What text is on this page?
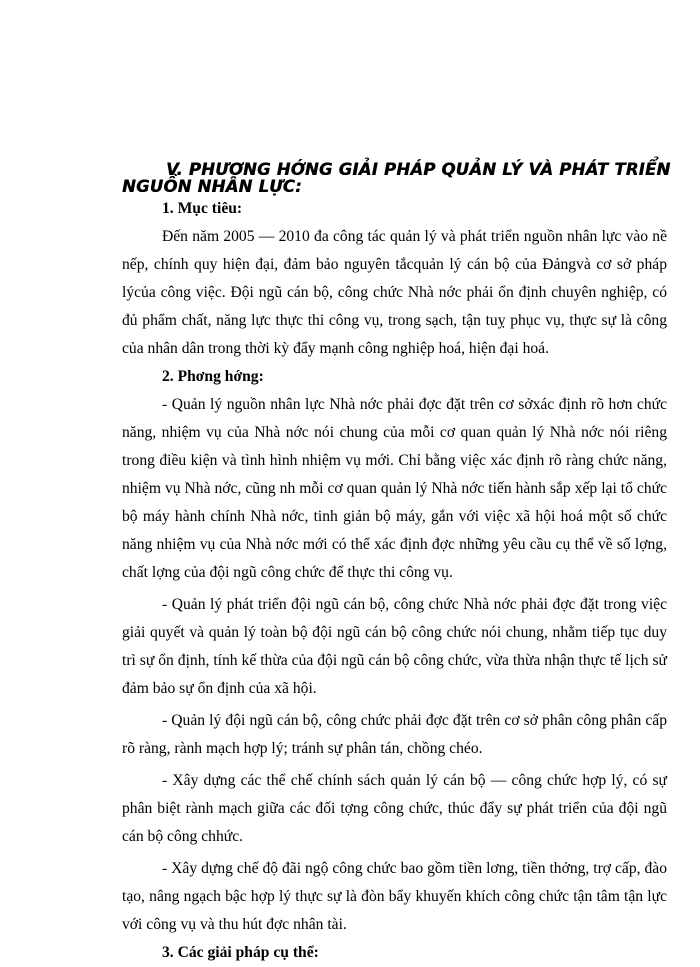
V. PHƯƠNG HỚNG GIẢI PHÁP QUẢN LÝ VÀ PHÁT TRIỂN
NGUỒN NHÂN LỰC:

1. Mục tiêu:

Đến năm 2005 — 2010 đa công tác quản lý và phát triển nguồn nhân lực vào nề nếp, chính quy hiện đại, đảm bảo nguyên tắcquản lý cán bộ của Đảngvà cơ sở pháp lýcủa công việc. Đội ngũ cán bộ, công chức Nhà nớc phải ổn định chuyên nghiệp, có đủ phẩm chất, năng lực thực thi công vụ, trong sạch, tận tuỵ phục vụ, thực sự là công của nhân dân trong thời kỳ đẩy mạnh công nghiệp hoá, hiện đại hoá.

2. Phơng hớng:

- Quản lý nguồn nhân lực Nhà nớc phải đợc đặt trên cơ sởxác định rõ hơn chức năng, nhiệm vụ của Nhà nớc nói chung của mỗi cơ quan quản lý Nhà nớc nói riêng trong điều kiện và tình hình nhiệm vụ mới. Chỉ bằng việc xác định rõ ràng chức năng, nhiệm vụ Nhà nớc, cũng nh mỗi cơ quan quản lý Nhà nớc tiến hành sắp xếp lại tổ chức bộ máy hành chính Nhà nớc, tinh giản bộ máy, gắn với việc xã hội hoá một số chức năng nhiệm vụ của Nhà nớc mới có thể xác định đợc những yêu cầu cụ thể về số lợng, chất lợng của đội ngũ công chức để thực thi công vụ.

- Quản lý phát triển đội ngũ cán bộ, công chức Nhà nớc phải đợc đặt trong việc giải quyết và quản lý toàn bộ đội ngũ cán bộ công chức nói chung, nhằm tiếp tục duy trì sự ổn định, tính kế thừa của đội ngũ cán bộ công chức, vừa thừa nhận thực tế lịch sử đảm bảo sự ổn định của xã hội.

- Quản lý đội ngũ cán bộ, công chức phải đợc đặt trên cơ sở phân công phân cấp rõ ràng, rành mạch hợp lý; tránh sự phân tán, chồng chéo.

- Xây dựng các thể chế chính sách quản lý cán bộ — công chức hợp lý, có sự phân biệt rành mạch giữa các đối tợng công chức, thúc đẩy sự phát triển của đội ngũ cán bộ công chhức.

- Xây dựng chế độ đãi ngộ công chức bao gồm tiền lơng, tiền thởng, trợ cấp, đào tạo, nâng ngạch bậc hợp lý thực sự là đòn bẩy khuyến khích công chức tận tâm tận lực với công vụ và thu hút đợc nhân tài.

3. Các giải pháp cụ thể:
